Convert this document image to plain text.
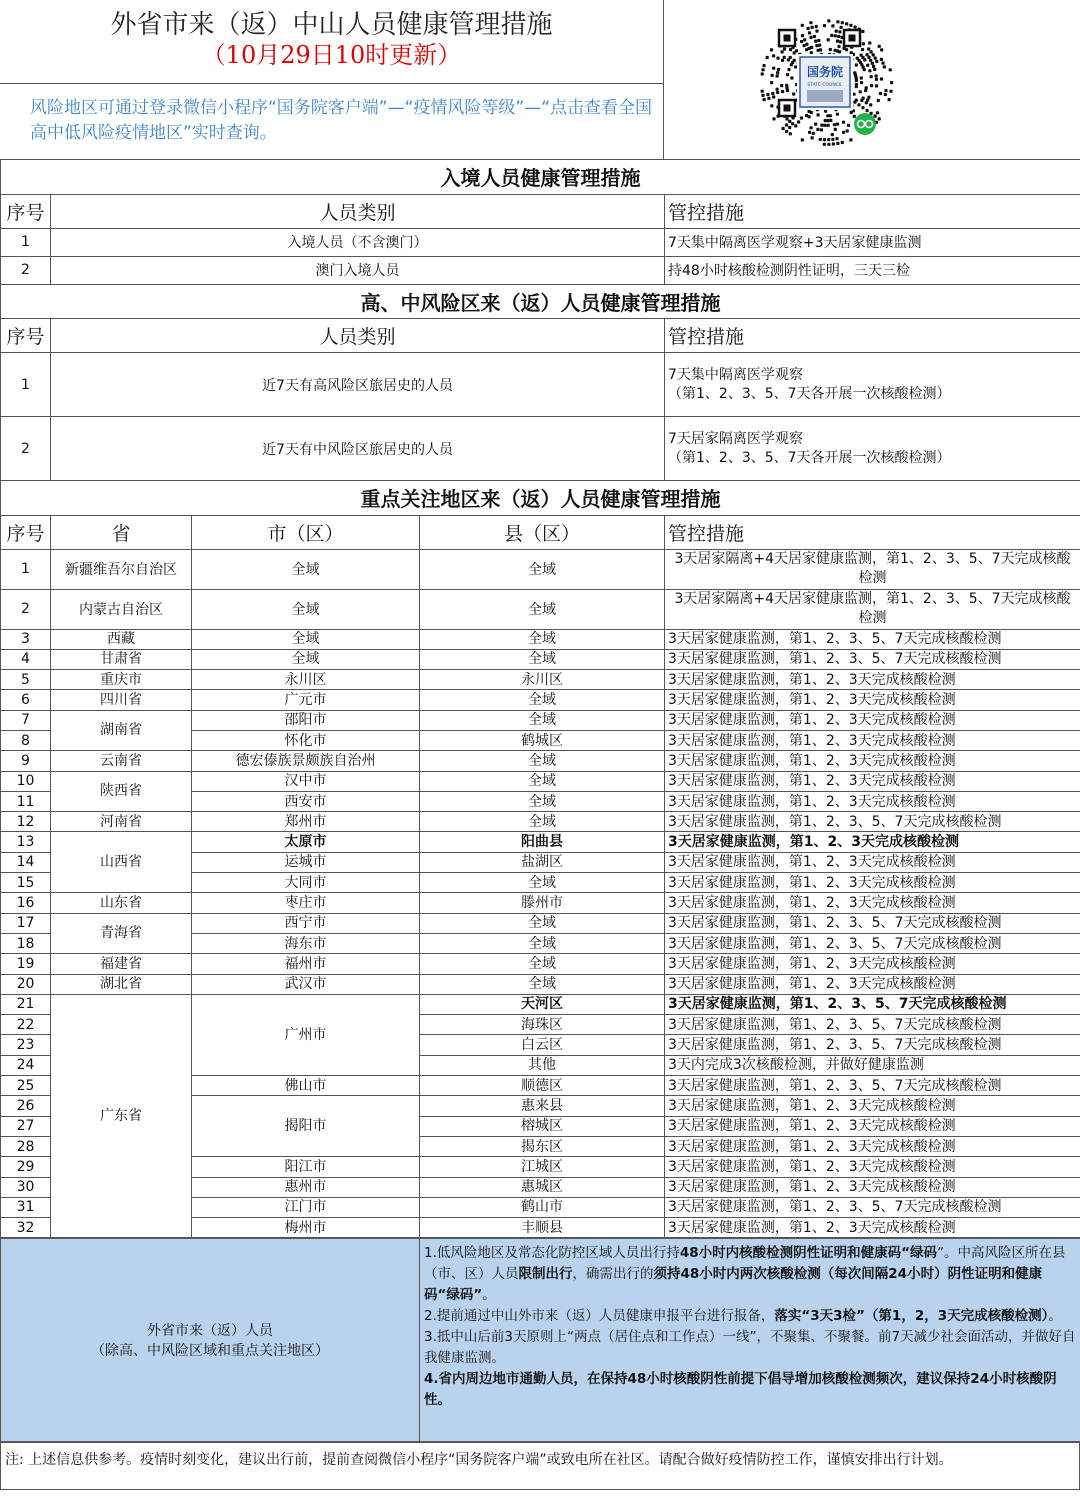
外省市来（返）中山人员健康管理措施
（10月29日10时更新）
风险地区可通过登录微信小程序“国务院客户端”—“疫情风险等级”—“点击查看全国高中低风险疫情地区”实时查询。
国务院
STATE COUNCIL
入境人员健康管理措施		
序号	人员类别	管控措施
1	入境人员（不含澳门）	7天集中隔离医学观察+3天居家健康监测
2	澳门入境人员	持48小时核酸检测阴性证明，三天三检
高、中风险区来（返）人员健康管理措施		
序号	人员类别	管控措施
1	近7天有高风险区旅居史的人员	7天集中隔离医学观察
（第1、2、3、5、7天各开展一次核酸检测）

2	近7天有中风险区旅居史的人员	7天居家隔离医学观察
（第1、2、3、5、7天各开展一次核酸检测）
重点关注地区来（返）人员健康管理措施				
序号	省	市（区）	县（区）	管控措施
1	新疆维吾尔自治区	全域	全域	3天居家隔离+4天居家健康监测，第1、2、3、5、7天完成核酸检测
2	内蒙古自治区	全域	全域	3天居家隔离+4天居家健康监测，第1、2、3、5、7天完成核酸检测
3	西藏	全域	全域	3天居家健康监测，第1、2、3、5、7天完成核酸检测
4	甘肃省	全域	全域	3天居家健康监测，第1、2、3、5、7天完成核酸检测
5	重庆市	永川区	永川区	3天居家健康监测，第1、2、3天完成核酸检测
6	四川省	广元市	全域	3天居家健康监测，第1、2、3天完成核酸检测
7	湖南省	邵阳市	全域	3天居家健康监测，第1、2、3天完成核酸检测
8		怀化市	鹤城区	3天居家健康监测，第1、2、3天完成核酸检测
9	云南省	德宏傣族景颇族自治州	全域	3天居家健康监测，第1、2、3天完成核酸检测
10	陕西省	汉中市	全域	3天居家健康监测，第1、2、3天完成核酸检测
11		西安市	全域	3天居家健康监测，第1、2、3天完成核酸检测
12	河南省	郑州市	全域	3天居家健康监测，第1、2、3、5、7天完成核酸检测
13	山西省	太原市	阳曲县	3天居家健康监测，第1、2、3天完成核酸检测
14		运城市	盐湖区	3天居家健康监测，第1、2、3天完成核酸检测
15		大同市	全域	3天居家健康监测，第1、2、3天完成核酸检测
16	山东省	枣庄市	滕州市	3天居家健康监测，第1、2、3天完成核酸检测
17	青海省	西宁市	全域	3天居家健康监测，第1、2、3、5、7天完成核酸检测
18		海东市	全域	3天居家健康监测，第1、2、3、5、7天完成核酸检测
19	福建省	福州市	全域	3天居家健康监测，第1、2、3天完成核酸检测
20	湖北省	武汉市	全域	3天居家健康监测，第1、2、3天完成核酸检测
21	广东省	广州市	天河区	3天居家健康监测，第1、2、3、5、7天完成核酸检测
22			海珠区	3天居家健康监测，第1、2、3、5、7天完成核酸检测
23			白云区	3天居家健康监测，第1、2、3、5、7天完成核酸检测
24			其他	3天内完成3次核酸检测，并做好健康监测
25		佛山市	顺德区	3天居家健康监测，第1、2、3、5、7天完成核酸检测
26		揭阳市	惠来县	3天居家健康监测，第1、2、3天完成核酸检测
27			榕城区	3天居家健康监测，第1、2、3天完成核酸检测
28			揭东区	3天居家健康监测，第1、2、3天完成核酸检测
29		阳江市	江城区	3天居家健康监测，第1、2、3天完成核酸检测
30		惠州市	惠城区	3天居家健康监测，第1、2、3天完成核酸检测
31		江门市	鹤山市	3天居家健康监测，第1、2、3、5、7天完成核酸检测
32		梅州市	丰顺县	3天居家健康监测，第1、2、3天完成核酸检测
外省市来（返）人员
（除高、中风险区域和重点关注地区）

1.低风险地区及常态化防控区域人员出行持48小时内核酸检测阴性证明和健康码“绿码”。中高风险区所在县（市、区）人员限制出行，确需出行的须持48小时内两次核酸检测（每次间隔24小时）阴性证明和健康码“绿码”。
2.提前通过中山外市来（返）人员健康申报平台进行报备，落实“3天3检”（第1，2，3天完成核酸检测）。
3.抵中山后前3天原则上“两点（居住点和工作点）一线”，不聚集、不聚餐。前7天减少社会面活动，并做好自我健康监测。
4.省内周边地市通勤人员，在保持48小时核酸阴性前提下倡导增加核酸检测频次，建议保持24小时核酸阴性。
注: 上述信息供参考。疫情时刻变化，建议出行前，提前查阅微信小程序“国务院客户端”或致电所在社区。请配合做好疫情防控工作，谨慎安排出行计划。
